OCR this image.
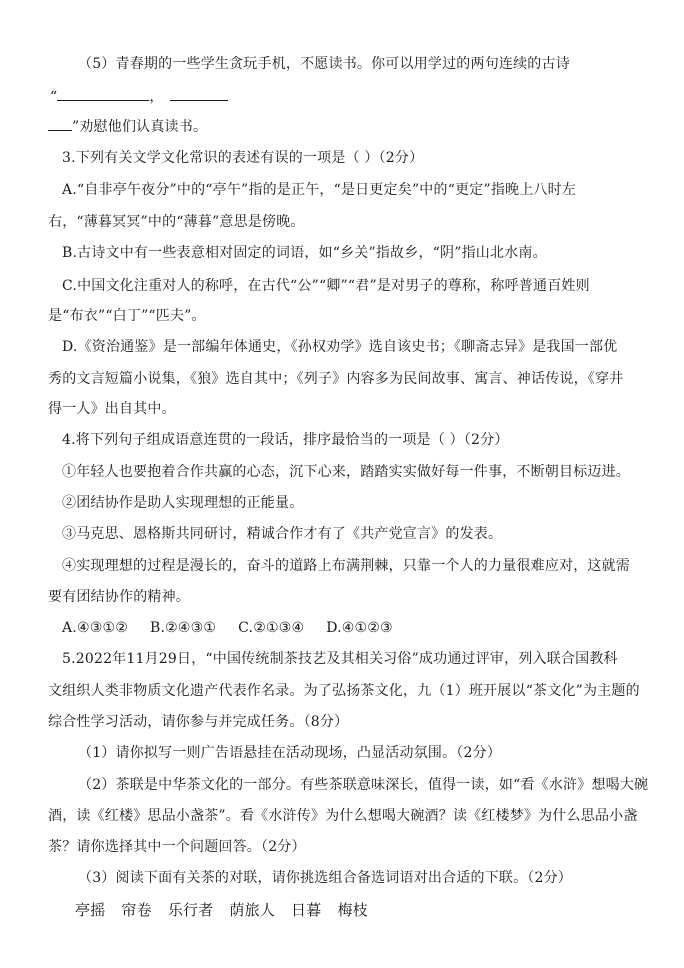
（5）青春期的一些学生贪玩手机，不愿读书。你可以用学过的两句连续的古诗
“	，
”劝慰他们认真读书。
3.下列有关文学文化常识的表述有误的一项是（ ）（2分）
A.“自非亭午夜分”中的“亭午”指的是正午，“是日更定矣”中的“更定”指晚上八时左
右，“薄暮冥冥”中的“薄暮”意思是傍晚。
B.古诗文中有一些表意相对固定的词语，如“乡关”指故乡，“阴”指山北水南。
C.中国文化注重对人的称呼，在古代“公”“卿”“君”是对男子的尊称，称呼普通百姓则
是“布衣”“白丁”“匹夫”。
D.《资治通鉴》是一部编年体通史，《孙权劝学》选自该史书；《聊斋志异》是我国一部优
秀的文言短篇小说集，《狼》选自其中；《列子》内容多为民间故事、寓言、神话传说，《穿井
得一人》出自其中。
4.将下列句子组成语意连贯的一段话，排序最恰当的一项是（ ）（2分）
①年轻人也要抱着合作共赢的心态，沉下心来，踏踏实实做好每一件事，不断朝目标迈进。
②团结协作是助人实现理想的正能量。
③马克思、恩格斯共同研讨，精诚合作才有了《共产党宣言》的发表。
④实现理想的过程是漫长的，奋斗的道路上布满荆棘，只靠一个人的力量很难应对，这就需
要有团结协作的精神。
A.④③①② B.②④③① C.②①③④ D.④①②③
5.2022年11月29日，“中国传统制茶技艺及其相关习俗”成功通过评审，列入联合国教科
文组织人类非物质文化遗产代表作名录。为了弘扬茶文化，九（1）班开展以“茶文化”为主题的
综合性学习活动，请你参与并完成任务。（8分）
（1）请你拟写一则广告语悬挂在活动现场，凸显活动氛围。（2分）
（2）茶联是中华茶文化的一部分。有些茶联意味深长，值得一读，如“看《水浒》想喝大碗
酒，读《红楼》思品小盏茶”。看《水浒传》为什么想喝大碗酒？读《红楼梦》为什么思品小盏
茶？请你选择其中一个问题回答。（2分）
（3）阅读下面有关茶的对联，请你挑选组合备选词语对出合适的下联。（2分）
亭摇 帘卷 乐行者 荫旅人 日暮 梅枝
